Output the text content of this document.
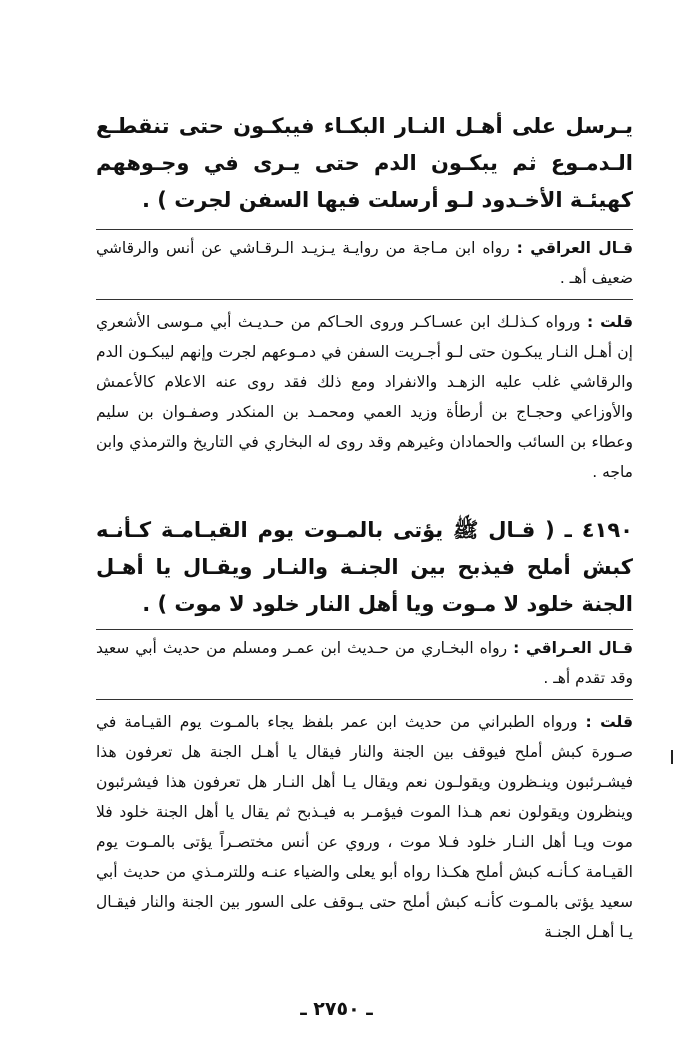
يـرسل على أهـل النـار البكـاء فيبكـون حتى تنقطـع الـدمـوع ثم يبكـون الدم حتى يـرى في وجـوههم كهيئـة الأخـدود لـو أرسلت فيها السفن لجرت ) .
قـال العراقي : رواه ابن مـاجة من روايـة يـزيـد الـرقـاشي عن أنس والرقاشي ضعيف أهـ .
قلت : ورواه كـذلـك ابن عسـاكـر وروى الحـاكم من حـديـث أبي مـوسى الأشعري إن أهـل النـار يبكـون حتى لـو أجـريت السفن في دمـوعهم لجرت وإنهم ليبكـون الدم والرقاشي غلب عليه الزهـد والانفراد ومع ذلك فقد روى عنه الاعلام كالأعمش والأوزاعي وحجـاج بن أرطأة وزيد العمي ومحمـد بن المنكدر وصفـوان بن سليم وعطاء بن السائب والحمادان وغيرهم وقد روى له البخاري في التاريخ والترمذي وابن ماجه .
٤١٩٠ ـ ( قـال ﷺ يؤتى بالمـوت يوم القيـامـة كـأنـه كبش أملح فيذبح بين الجنـة والنـار ويقـال يا أهـل الجنة خلود لا مـوت ويا أهل النار خلود لا موت ) .
قـال العـراقي : رواه البخـاري من حـديث ابن عمـر ومسلم من حديث أبي سعيد وقد تقدم أهـ .
قلت : ورواه الطبراني من حديث ابن عمر بلفظ يجاء بالمـوت يوم القيـامة في صـورة كبش أملح فيوقف بين الجنة والنار فيقال يا أهـل الجنة هل تعرفون هذا فيشـرئبون وينـظرون ويقولـون نعم ويقال يـا أهل النـار هل تعرفون هذا فيشرئبون وينظرون ويقولون نعم هـذا الموت فيؤمـر به فيـذبح ثم يقال يا أهل الجنة خلود فلا موت ويـا أهل النـار خلود فـلا موت ، وروي عن أنس مختصـراً يؤتى بالمـوت يوم القيـامة كـأنـه كبش أملح هكـذا رواه أبو يعلى والضياء عنـه وللترمـذي من حديث أبي سعيد يؤتى بالمـوت كأنـه كبش أملح حتى يـوقف على السور بين الجنة والنار فيقـال يـا أهـل الجنـة
ـ ٢٧٥٠ ـ
